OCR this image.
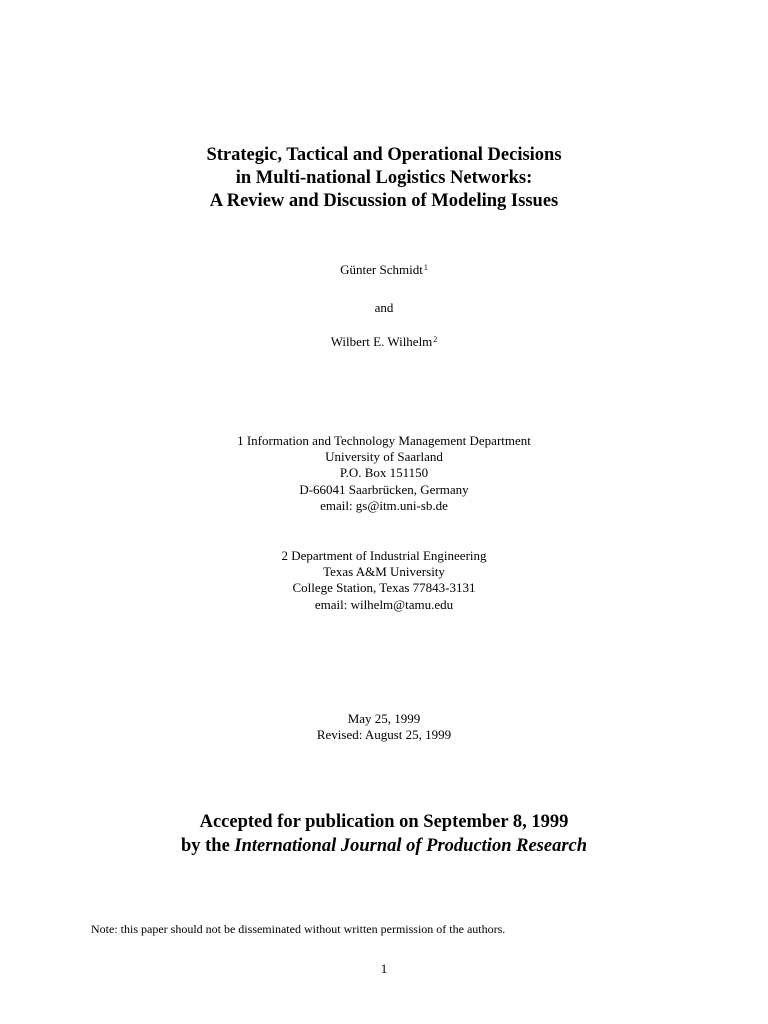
Strategic, Tactical and Operational Decisions
in Multi-national Logistics Networks:
A Review and Discussion of Modeling Issues
Günter Schmidt$^1$
and
Wilbert E. Wilhelm$^2$
1 Information and Technology Management Department
University of Saarland
P.O. Box 151150
D-66041 Saarbrücken, Germany
email: gs@itm.uni-sb.de
2 Department of Industrial Engineering
Texas A&M University
College Station, Texas 77843-3131
email: wilhelm@tamu.edu
May 25, 1999
Revised: August 25, 1999
Accepted for publication on September 8, 1999
by the International Journal of Production Research
Note: this paper should not be disseminated without written permission of the authors.
1
